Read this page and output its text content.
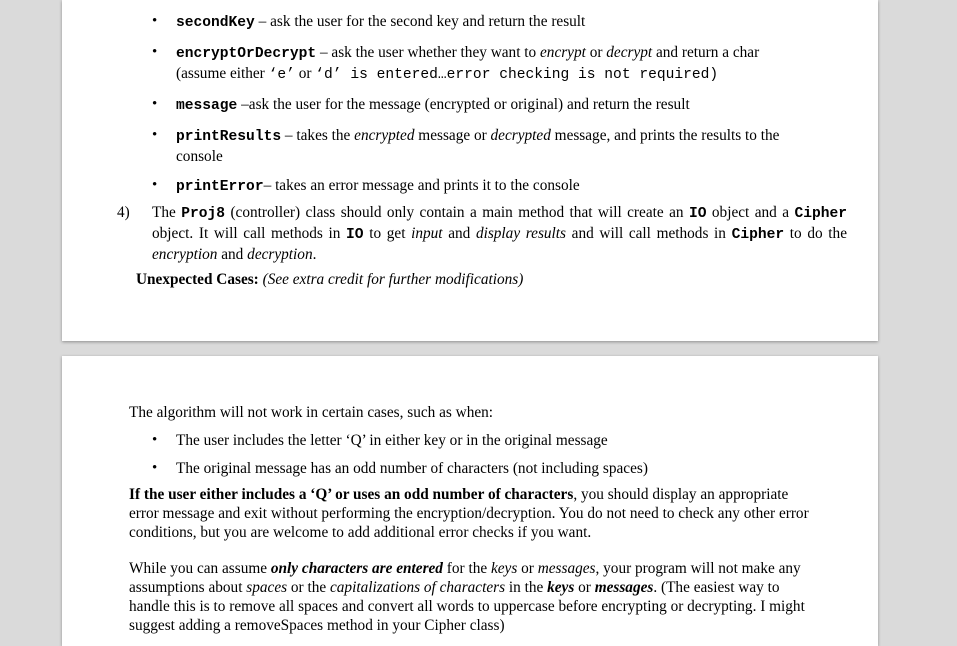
• secondKey – ask the user for the second key and return the result
• encryptOrDecrypt – ask the user whether they want to encrypt or decrypt and return a char
(assume either ‘e’ or ‘d’ is entered…error checking is not required)
• message –ask the user for the message (encrypted or original) and return the result
• printResults – takes the encrypted message or decrypted message, and prints the results to the console
• printError– takes an error message and prints it to the console
4) The Proj8 (controller) class should only contain a main method that will create an IO object and a Cipher object. It will call methods in IO to get input and display results and will call methods in Cipher to do the encryption and decryption.
Unexpected Cases: (See extra credit for further modifications)
The algorithm will not work in certain cases, such as when:
• The user includes the letter ‘Q’ in either key or in the original message
• The original message has an odd number of characters (not including spaces)
If the user either includes a ‘Q’ or uses an odd number of characters, you should display an appropriate error message and exit without performing the encryption/decryption. You do not need to check any other error conditions, but you are welcome to add additional error checks if you want.
While you can assume only characters are entered for the keys or messages, your program will not make any assumptions about spaces or the capitalizations of characters in the keys or messages. (The easiest way to handle this is to remove all spaces and convert all words to uppercase before encrypting or decrypting. I might suggest adding a removeSpaces method in your Cipher class)
